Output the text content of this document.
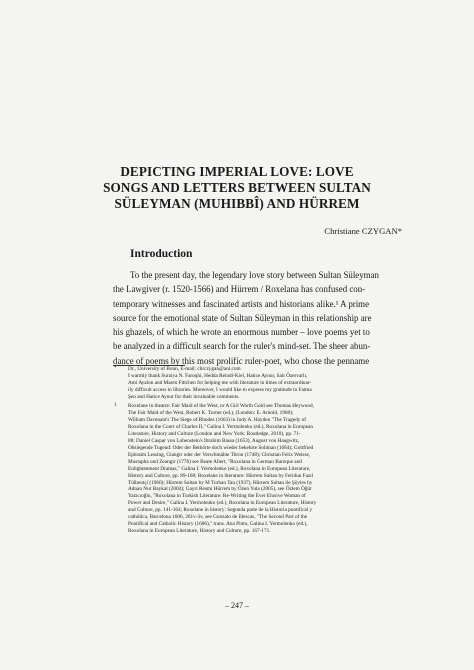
DEPICTING IMPERIAL LOVE: LOVE
SONGS AND LETTERS BETWEEN SULTAN
SÜLEYMAN (MUHIBBÎ) AND HÜRREM
Christiane CZYGAN*
Introduction
To the present day, the legendary love story between Sultan Süleyman
the Lawgiver (r. 1520-1566) and Hürrem / Roxelana has confused con-
temporary witnesses and fascinated artists and historians alike.¹ A prime
source for the emotional state of Sultan Süleyman in this relationship are
his ghazels, of which he wrote an enormous number – love poems yet to
be analyzed in a difficult search for the ruler's mind-set. The sheer abun-
dance of poems by this most prolific ruler-poet, who chose the penname
*	Dr., University of Bonn, E-mail: chrczygan@aol.com
I warmly thank Suraiya N. Faroqhi, Hedda Reindl-Kiel, Hatice Aynur, Sait Özervarlı,
Ami Ayalon and Maren Fittchen for helping me with literature in times of extraordinar-
ily difficult access to libraries. Moreover, I would like to express my gratitude to Fatma
Şen and Hatice Aynur for their invaluable comments.
1	Roxelane in theatre: Fair Maid of the West, or A Girl Worth Gold see Thomas Heywood,
The Fair Maid of the West, Robert K. Turner (ed.), (London: E. Arnold, 1968);
William Davenant's The Siege of Rhodes (1663) in Judy A. Hayden "The Tragedy of
Roxolana in the Court of Charles II," Galina I. Yermolenko (ed.), Roxolana in European
Literature, History and Culture (London and New York: Routledge, 2010), pp. 71-
88; Daniel Caspar von Lohenstein's Ibrahim Bassa (1653), August von Haugwitz,
Obsiegende Tugend: Oder der Bethörte doch wieder bekehrte Soliman (1684); Gottfried
Ephraim Lessing, Giangir oder der Verschmähte Thron (1748); Christian Felix Weisse,
Mustapha und Zeangir (1776) see Beate Allert, "Roxolana in German Baroque and
Enlightenment Dramas," Galina I. Yermolenko (ed.), Roxolana in European Literature,
History and Culture, pp. 89-108; Roxelane in literature: Hürrem Sultan by Feridun Fazıl
Tülbentçi (1960); Hürrem Sultan by M Turhan Tan (1937), Hürrem Sultan ile Şöyles by
Adnan Nur Baykal (2004); Gayrı Resmi Hürrem by Özen Yula (2005), see Özlem Öğüt
Yazıcıoğlu, "Roxolana in Turkish Literature: Re-Writing the Ever Elusive Woman of
Power and Desire," Galina I. Yermolenko (ed.), Roxolana in European Literature, History
and Culture, pp. 141-164; Roxelane in history: Segunda parte de la Historia pontifical y
cathólica, Barcelona 1606, 261v-3v, see Gonzalo de Illescas, "The Second Part of the
Pontifical and Catholic History (1606)," trans. Ana Pinto, Galina I. Yermolenko (ed.),
Roxolana in European Literature, History and Culture, pp. 167-171.
– 247 –
